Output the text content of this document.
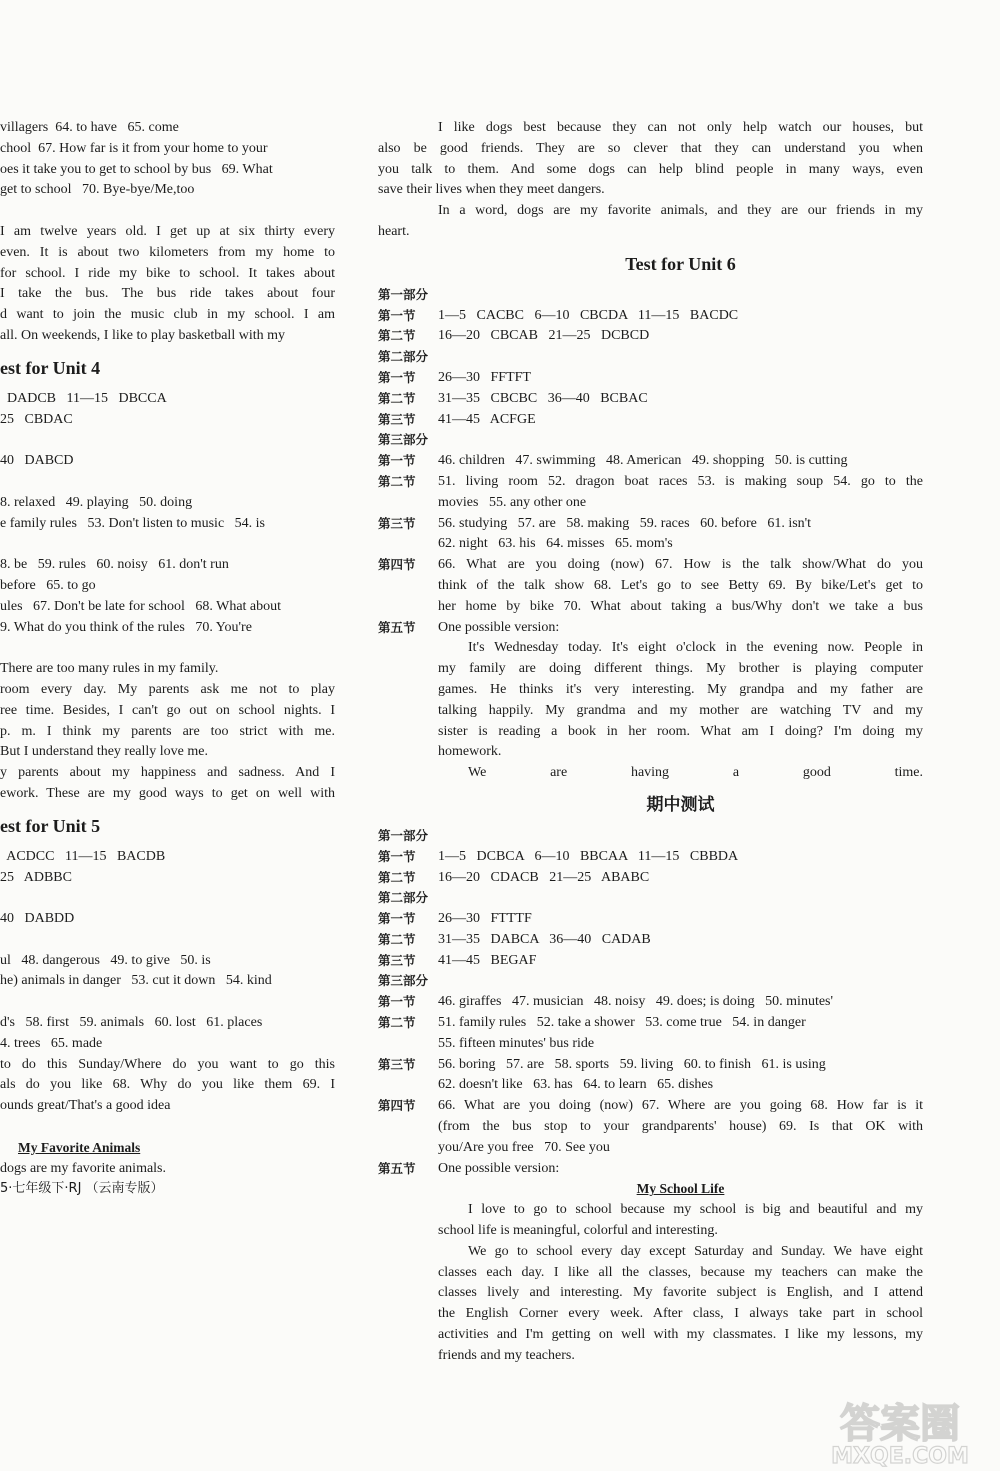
villagers  64. to have   65. come
chool  67. How far is it from your home to your
oes it take you to get to school by bus   69. What
get to school   70. Bye-bye/Me,too
I am twelve years old. I get up at six thirty every
even. It is about two kilometers from my home to
for school. I ride my bike to school. It takes about
I take the bus. The bus ride takes about four
d want to join the music club in my school. I am
all. On weekends, I like to play basketball with my
est for Unit 4
DADCB   11—15   DBCCA
25   CBDAC
40   DABCD
8. relaxed   49. playing   50. doing
e family rules   53. Don't listen to music   54. is
8. be   59. rules   60. noisy   61. don't run
before   65. to go
ules   67. Don't be late for school   68. What about
9. What do you think of the rules   70. You're
There are too many rules in my family.
room every day. My parents ask me not to play
ree time. Besides, I can't go out on school nights. I
p. m. I think my parents are too strict with me.
But I understand they really love me.
y parents about my happiness and sadness. And I
ework. These are my good ways to get on well with
est for Unit 5
ACDCC   11—15   BACDB
25   ADBBC
40   DABDD
ul   48. dangerous   49. to give   50. is
he) animals in danger   53. cut it down   54. kind
d's   58. first   59. animals   60. lost   61. places
4. trees   65. made
to do this Sunday/Where do you want to go this
als do you like 68. Why do you like them 69. I
ounds great/That's a good idea
My Favorite Animals
dogs are my favorite animals.
5·七年级下·RJ （云南专版）
I like dogs best because they can not only help watch our houses, but
also be good friends. They are so clever that they can understand you when
you talk to them. And some dogs can help blind people in many ways, even
save their lives when they meet dangers.
In a word, dogs are my favorite animals, and they are our friends in my
heart.
Test for Unit 6
第一部分
第一节	1—5   CACBC   6—10   CBCDA   11—15   BACDC
第二节	16—20   CBCAB   21—25   DCBCD
第二部分
第一节	26—30   FFTFT
第二节	31—35   CBCBC   36—40   BCBAC
第三节	41—45   ACFGE
第三部分
第一节	46. children   47. swimming   48. American   49. shopping   50. is cutting
第二节	51. living room 52. dragon boat races 53. is making soup 54. go to the
movies   55. any other one
第三节	56. studying   57. are   58. making   59. races   60. before   61. isn't
62. night   63. his   64. misses   65. mom's
第四节	66. What are you doing (now) 67. How is the talk show/What do you
think of the talk show 68. Let's go to see Betty 69. By bike/Let's get to
her home by bike 70. What about taking a bus/Why don't we take a bus
第五节	One possible version:
It's Wednesday today. It's eight o'clock in the evening now. People in
my family are doing different things. My brother is playing computer
games. He thinks it's very interesting. My grandpa and my father are
talking happily. My grandma and my mother are watching TV and my
sister is reading a book in her room. What am I doing? I'm doing my
homework.
We are having a good time.
期中测试
第一部分
第一节	1—5   DCBCA   6—10   BBCAA   11—15   CBBDA
第二节	16—20   CDACB   21—25   ABABC
第二部分
第一节	26—30   FTTTF
第二节	31—35   DABCA   36—40   CADAB
第三节	41—45   BEGAF
第三部分
第一节	46. giraffes   47. musician   48. noisy   49. does; is doing   50. minutes'
第二节	51. family rules   52. take a shower   53. come true   54. in danger
55. fifteen minutes' bus ride
第三节	56. boring   57. are   58. sports   59. living   60. to finish   61. is using
62. doesn't like   63. has   64. to learn   65. dishes
第四节	66. What are you doing (now) 67. Where are you going 68. How far is it
(from the bus stop to your grandparents' house) 69. Is that OK with
you/Are you free   70. See you
第五节	One possible version:
My School Life
I love to go to school because my school is big and beautiful and my
school life is meaningful, colorful and interesting.
We go to school every day except Saturday and Sunday. We have eight
classes each day. I like all the classes, because my teachers can make the
classes lively and interesting. My favorite subject is English, and I attend
the English Corner every week. After class, I always take part in school
activities and I'm getting on well with my classmates. I like my lessons, my
friends and my teachers.
答案圈
MXQE.COM
